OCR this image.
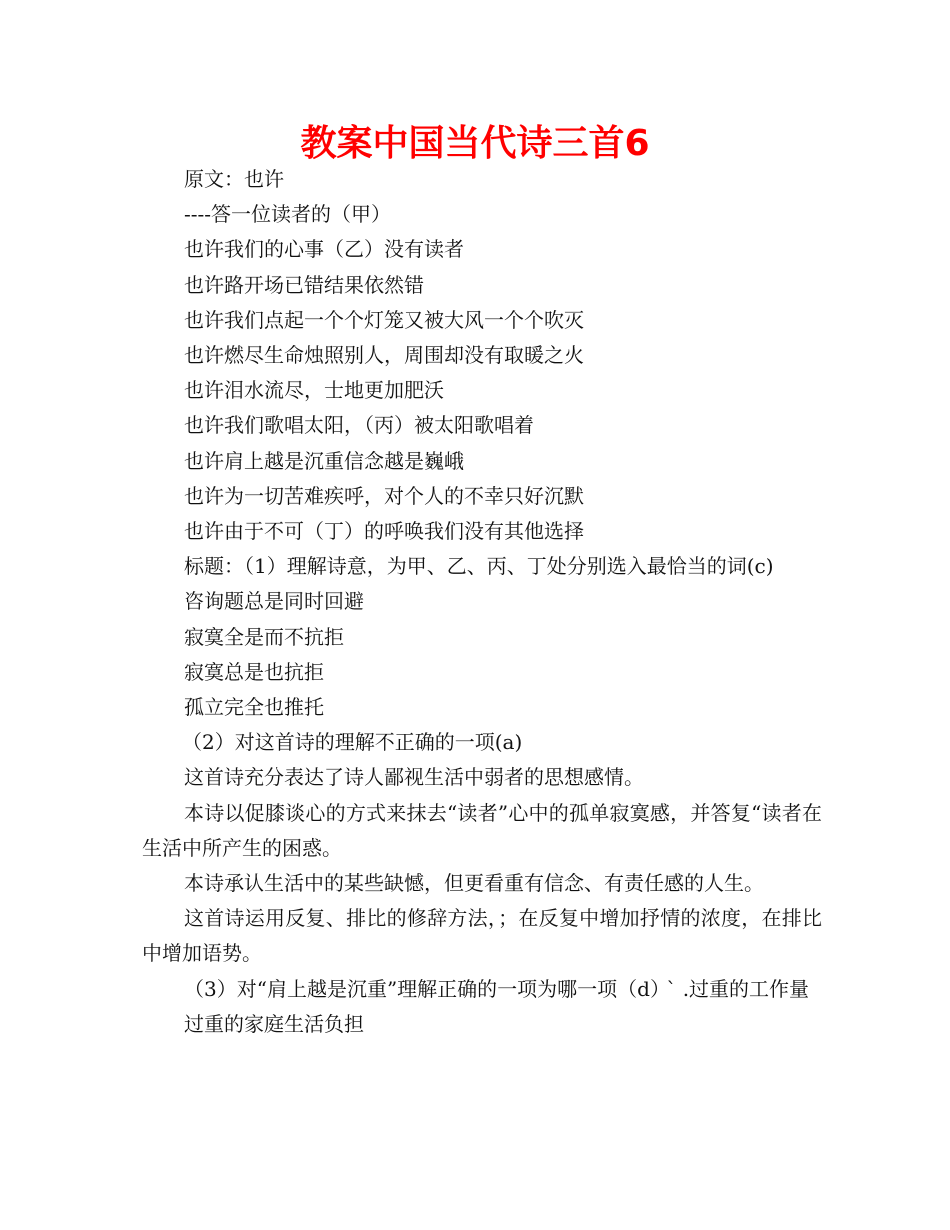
教案中国当代诗三首6

原文：也许

----答一位读者的（甲）

也许我们的心事（乙）没有读者

也许路开场已错结果依然错

也许我们点起一个个灯笼又被大风一个个吹灭

也许燃尽生命烛照别人，周围却没有取暖之火

也许泪水流尽，士地更加肥沃

也许我们歌唱太阳，（丙）被太阳歌唱着

也许肩上越是沉重信念越是巍峨

也许为一切苦难疾呼，对个人的不幸只好沉默

也许由于不可（丁）的呼唤我们没有其他选择

标题：（1）理解诗意，为甲、乙、丙、丁处分别选入最恰当的词(c)

咨询题总是同时回避

寂寞全是而不抗拒

寂寞总是也抗拒

孤立完全也推托

（2）对这首诗的理解不正确的一项(a)

这首诗充分表达了诗人鄙视生活中弱者的思想感情。

本诗以促膝谈心的方式来抹去“读者”心中的孤单寂寞感，并答复“读者在生活中所产生的困惑。

本诗承认生活中的某些缺憾，但更看重有信念、有责任感的人生。

这首诗运用反复、排比的修辞方法，；在反复中增加抒情的浓度，在排比中增加语势。

（3）对“肩上越是沉重”理解正确的一项为哪一项（d） ̀ .过重的工作量

过重的家庭生活负担
